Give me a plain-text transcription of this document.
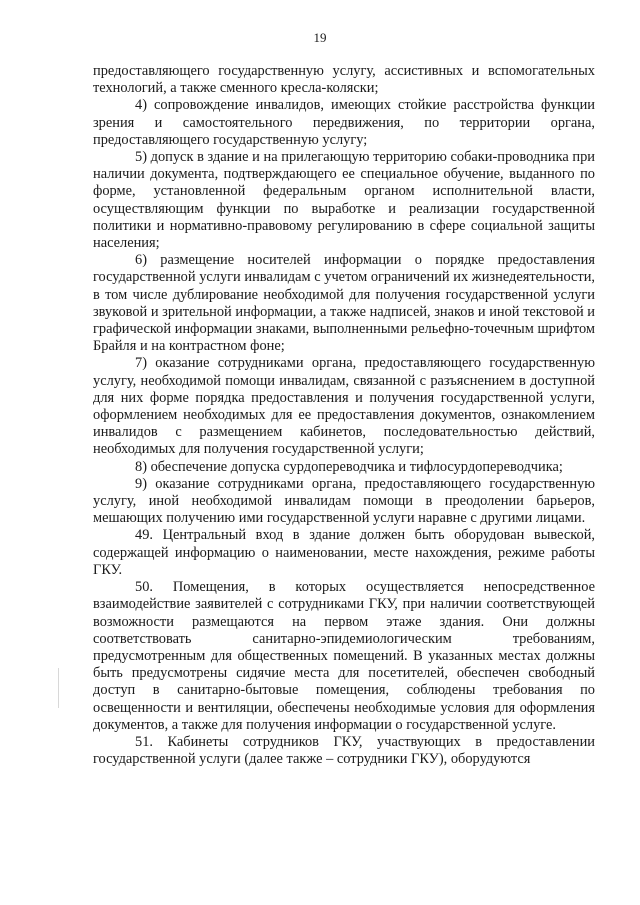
19

предоставляющего государственную услугу, ассистивных и вспомогательных технологий, а также сменного кресла-коляски;

4) сопровождение инвалидов, имеющих стойкие расстройства функции зрения и самостоятельного передвижения, по территории органа, предоставляющего государственную услугу;

5) допуск в здание и на прилегающую территорию собаки-проводника при наличии документа, подтверждающего ее специальное обучение, выданного по форме, установленной федеральным органом исполнительной власти, осуществляющим функции по выработке и реализации государственной политики и нормативно-правовому регулированию в сфере социальной защиты населения;

6) размещение носителей информации о порядке предоставления государственной услуги инвалидам с учетом ограничений их жизнедеятельности, в том числе дублирование необходимой для получения государственной услуги звуковой и зрительной информации, а также надписей, знаков и иной текстовой и графической информации знаками, выполненными рельефно-точечным шрифтом Брайля и на контрастном фоне;

7) оказание сотрудниками органа, предоставляющего государственную услугу, необходимой помощи инвалидам, связанной с разъяснением в доступной для них форме порядка предоставления и получения государственной услуги, оформлением необходимых для ее предоставления документов, ознакомлением инвалидов с размещением кабинетов, последовательностью действий, необходимых для получения государственной услуги;

8) обеспечение допуска сурдопереводчика и тифлосурдопереводчика;

9) оказание сотрудниками органа, предоставляющего государственную услугу, иной необходимой инвалидам помощи в преодолении барьеров, мешающих получению ими государственной услуги наравне с другими лицами.

49. Центральный вход в здание должен быть оборудован вывеской, содержащей информацию о наименовании, месте нахождения, режиме работы ГКУ.

50. Помещения, в которых осуществляется непосредственное взаимодействие заявителей с сотрудниками ГКУ, при наличии соответствующей возможности размещаются на первом этаже здания. Они должны соответствовать санитарно-эпидемиологическим требованиям, предусмотренным для общественных помещений. В указанных местах должны быть предусмотрены сидячие места для посетителей, обеспечен свободный доступ в санитарно-бытовые помещения, соблюдены требования по освещенности и вентиляции, обеспечены необходимые условия для оформления документов, а также для получения информации о государственной услуге.

51. Кабинеты сотрудников ГКУ, участвующих в предоставлении государственной услуги (далее также – сотрудники ГКУ), оборудуются
